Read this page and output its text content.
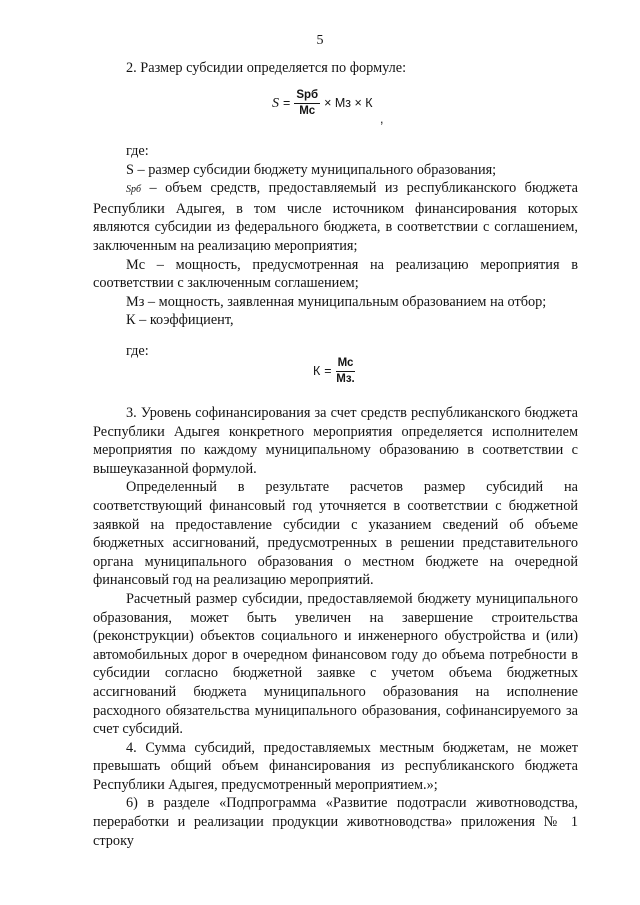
5

2. Размер субсидии определяется по формуле:

$S = \frac{\text{Spб}}{Мс}$ × Мз × К
,

где:

S – размер субсидии бюджету муниципального образования;

Spб – объем средств, предоставляемый из республиканского бюджета Республики Адыгея, в том числе источником финансирования которых являются субсидии из федерального бюджета, в соответствии с соглашением, заключенным на реализацию мероприятия;

Мс – мощность, предусмотренная на реализацию мероприятия в соответствии с заключенным соглашением;

Мз – мощность, заявленная муниципальным образованием на отбор;

К – коэффициент,

где:

$К = \frac{Мс}{Мз.}$

3. Уровень софинансирования за счет средств республиканского бюджета Республики Адыгея конкретного мероприятия определяется исполнителем мероприятия по каждому муниципальному образованию в соответствии с вышеуказанной формулой.

Определенный в результате расчетов размер субсидий на соответствующий финансовый год уточняется в соответствии с бюджетной заявкой на предоставление субсидии с указанием сведений об объеме бюджетных ассигнований, предусмотренных в решении представительного органа муниципального образования о местном бюджете на очередной финансовый год на реализацию мероприятий.

Расчетный размер субсидии, предоставляемой бюджету муниципального образования, может быть увеличен на завершение строительства (реконструкции) объектов социального и инженерного обустройства и (или) автомобильных дорог в очередном финансовом году до объема потребности в субсидии согласно бюджетной заявке с учетом объема бюджетных ассигнований бюджета муниципального образования на исполнение расходного обязательства муниципального образования, софинансируемого за счет субсидий.

4. Сумма субсидий, предоставляемых местным бюджетам, не может превышать общий объем финансирования из республиканского бюджета Республики Адыгея, предусмотренный мероприятием.»;

6) в разделе «Подпрограмма «Развитие подотрасли животноводства, переработки и реализации продукции животноводства» приложения № 1 строку
